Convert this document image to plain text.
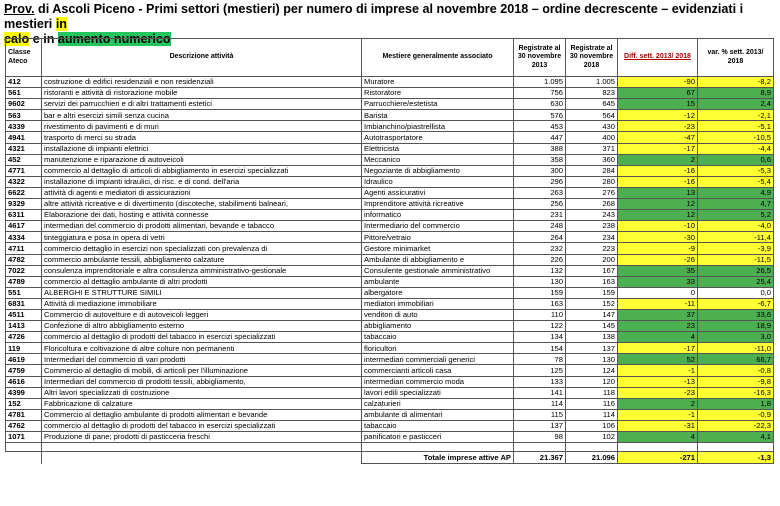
Prov. di Ascoli Piceno - Primi settori (mestieri) per numero di imprese al novembre 2018 – ordine decrescente – evidenziati i mestieri in
calo e in aumento numerico
Classe Ateco	Descrizione attività	Mestiere generalmente associato	Registrate al 30 novembre 2013	Registrate al 30 novembre 2018	Diff. sett. 2013/ 2018	var. % sett. 2013/ 2018
412	costruzione di edifici residenziali e non residenziali	Muratore	1.095	1.005	-90	-8,2
561	ristoranti e attività di ristorazione mobile	Ristoratore	756	823	67	8,9
9602	servizi dei parrucchieri e di altri trattamenti estetici	Parrucchiere/estetista	630	645	15	2,4
563	bar e altri esercizi simili senza cucina	Barista	576	564	-12	-2,1
4339	rivestimento di pavimenti e di muri	Imbianchino/piastrellista	453	430	-23	-5,1
4941	trasporto di merci su strada	Autotrasportatore	447	400	-47	-10,5
4321	installazione di impianti elettrici	Elettricista	388	371	-17	-4,4
452	manutenzione e riparazione di autoveicoli	Meccanico	358	360	2	0,6
4771	commercio al dettaglio di articoli di abbigliamento in esercizi specializzati	Negoziante di abbigliamento	300	284	-16	-5,3
4322	installazione di impianti idraulici, di risc. e di cond. dell'aria	Idraulico	296	280	-16	-5,4
6622	attività di agenti e mediatori di assicurazioni	Agenti assicurativi	263	276	13	4,9
9329	altre attività ricreative e di divertimento (discoteche, stabilimenti balneari,	Imprenditore attività ricreative	256	268	12	4,7
6311	Elaborazione dei dati, hosting e attività connesse	informatico	231	243	12	5,2
4617	intermediari del commercio di prodotti alimentari, bevande e tabacco	Intermediario del commercio	248	238	-10	-4,0
4334	tinteggiatura e posa in opera di vetri	Pittore/vetraio	264	234	-30	-11,4
4711	commercio dettaglio in esercizi non specializzati con prevalenza di	Gestore minimarket	232	223	-9	-3,9
4782	commercio ambulante tessili, abbigliamento calzature	Ambulante di abbigliamento e	226	200	-26	-11,5
7022	consulenza imprenditoriale e altra consulenza amministrativo-gestionale	Consulente gestionale amministrativo	132	167	35	26,5
4789	commercio al dettaglio ambulante di altri prodotti	ambulante	130	163	33	25,4
551	ALBERGHI E STRUTTURE SIMILI	albergatore	159	159	0	0,0
6831	Attività di mediazione immobiliare	mediatori immobiliari	163	152	-11	-6,7
4511	Commercio di autovetture e di autoveicoli leggeri	venditori di auto	110	147	37	33,6
1413	Confezione di altro abbigliamento esterno	abbigliamento	122	145	23	18,9
4726	commercio al dettaglio di prodotti del tabacco in esercizi specializzati	tabaccaio	134	138	4	3,0
119	Floricoltura e coltivazione di altre colture non permanenti	floricultori	154	137	-17	-11,0
4619	Intermediari del commercio di vari prodotti	intermediari commerciali generici	78	130	52	66,7
4759	Commercio al dettaglio di mobili, di articoli per l'illuminazione	commercianti articoli casa	125	124	-1	-0,8
4616	Intermediari del commercio di prodotti tessili, abbigliamento,	intermediari commercio moda	133	120	-13	-9,8
4399	Altri lavori specializzati di costruzione	lavori edili specializzati	141	118	-23	-16,3
152	Fabbricazione di calzature	calzaturieri	114	116	2	1,8
4781	Commercio al dettaglio ambulante di prodotti alimentari e bevande	ambulante di alimentari	115	114	-1	-0,9
4762	commercio al dettaglio di prodotti del tabacco in esercizi specializzati	tabaccaio	137	106	-31	-22,3
1071	Produzione di pane; prodotti di pasticceria freschi	panificatori e pasticceri	98	102	4	4,1

		Totale imprese attive AP	21.367	21.096	-271	-1,3
